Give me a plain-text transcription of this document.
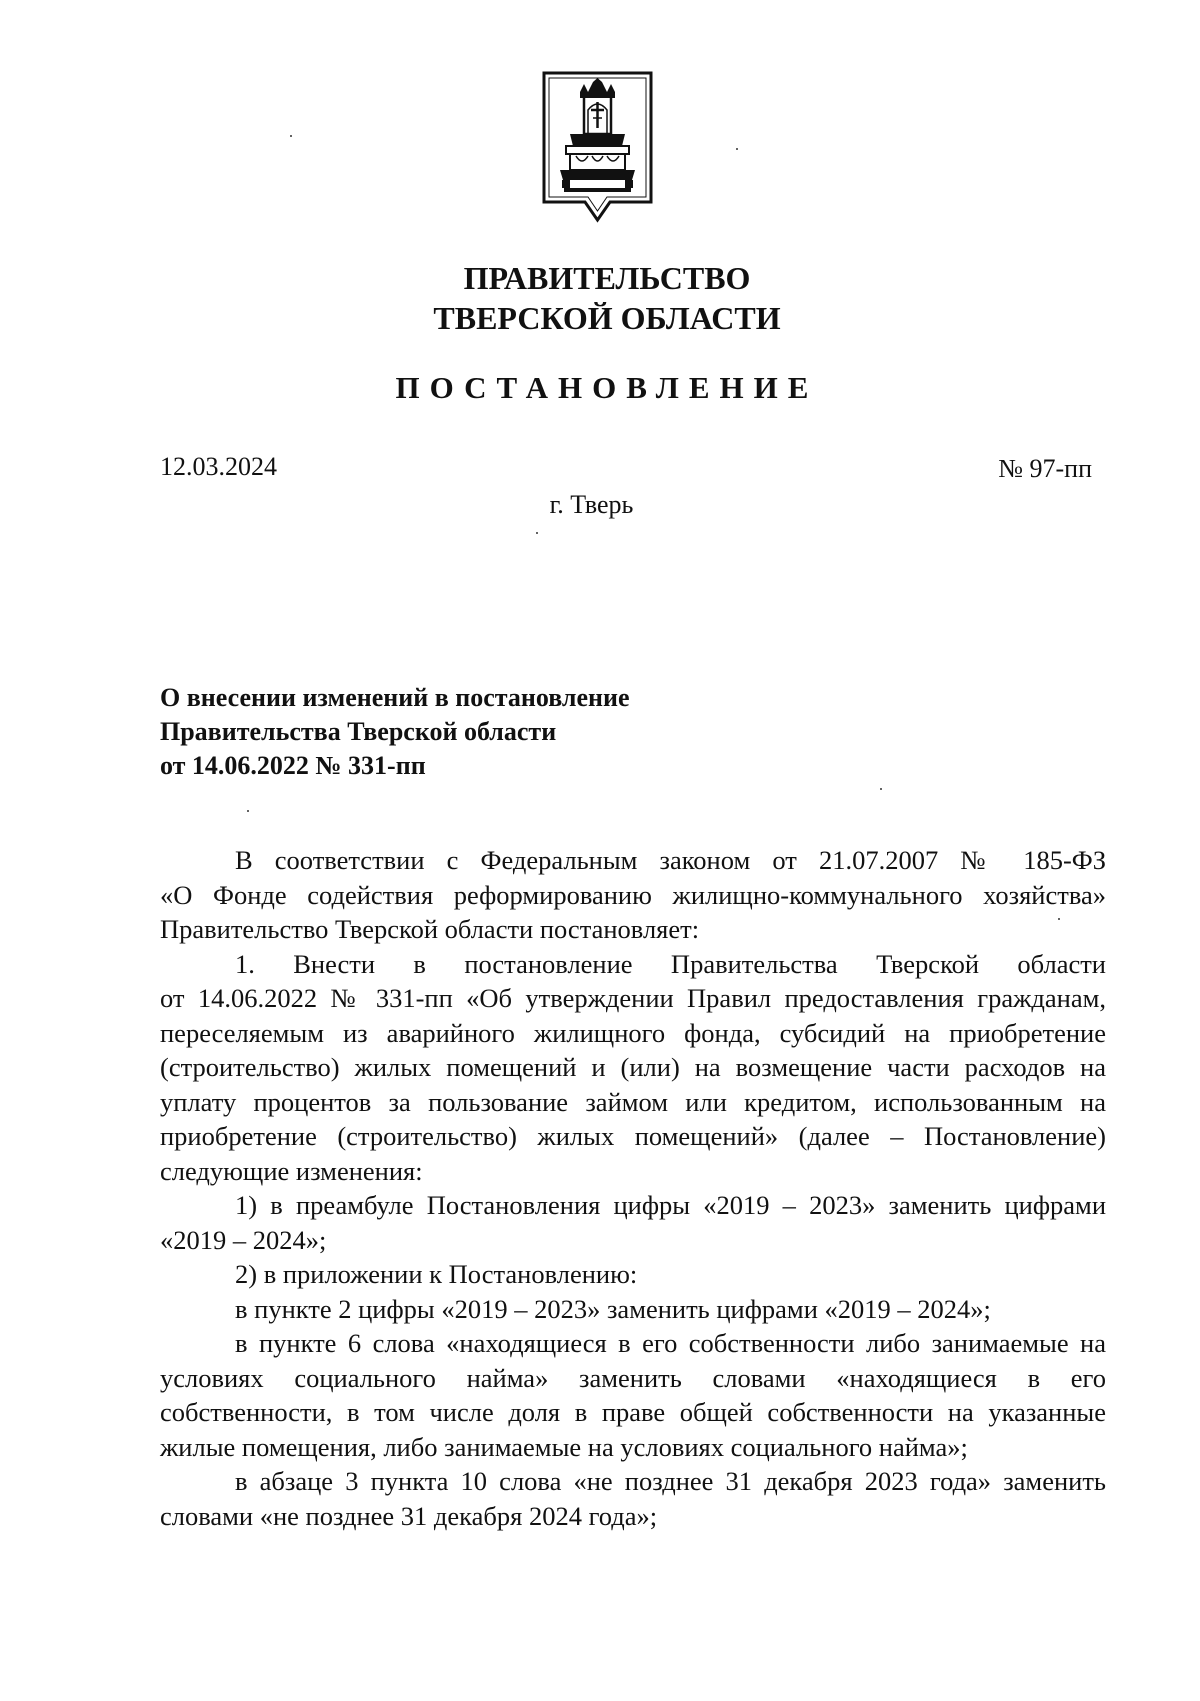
ПРАВИТЕЛЬСТВО
ТВЕРСКОЙ ОБЛАСТИ
ПОСТАНОВЛЕНИЕ
12.03.2024	№ 97-пп
г. Тверь
О внесении изменений в постановление
Правительства Тверской области
от 14.06.2022 № 331-пп
В соответствии с Федеральным законом от 21.07.2007 № 185-ФЗ
«О Фонде содействия реформированию жилищно-коммунального хозяйства»
Правительство Тверской области постановляет:
1. Внести в постановление Правительства Тверской области
от 14.06.2022 № 331-пп «Об утверждении Правил предоставления гражданам,
переселяемым из аварийного жилищного фонда, субсидий на приобретение
(строительство) жилых помещений и (или) на возмещение части расходов на
уплату процентов за пользование займом или кредитом, использованным на
приобретение (строительство) жилых помещений» (далее – Постановление)
следующие изменения:
1) в преамбуле Постановления цифры «2019 – 2023» заменить цифрами
«2019 – 2024»;
2) в приложении к Постановлению:
в пункте 2 цифры «2019 – 2023» заменить цифрами «2019 – 2024»;
в пункте 6 слова «находящиеся в его собственности либо занимаемые на
условиях социального найма» заменить словами «находящиеся в его
собственности, в том числе доля в праве общей собственности на указанные
жилые помещения, либо занимаемые на условиях социального найма»;
в абзаце 3 пункта 10 слова «не позднее 31 декабря 2023 года» заменить
словами «не позднее 31 декабря 2024 года»;
